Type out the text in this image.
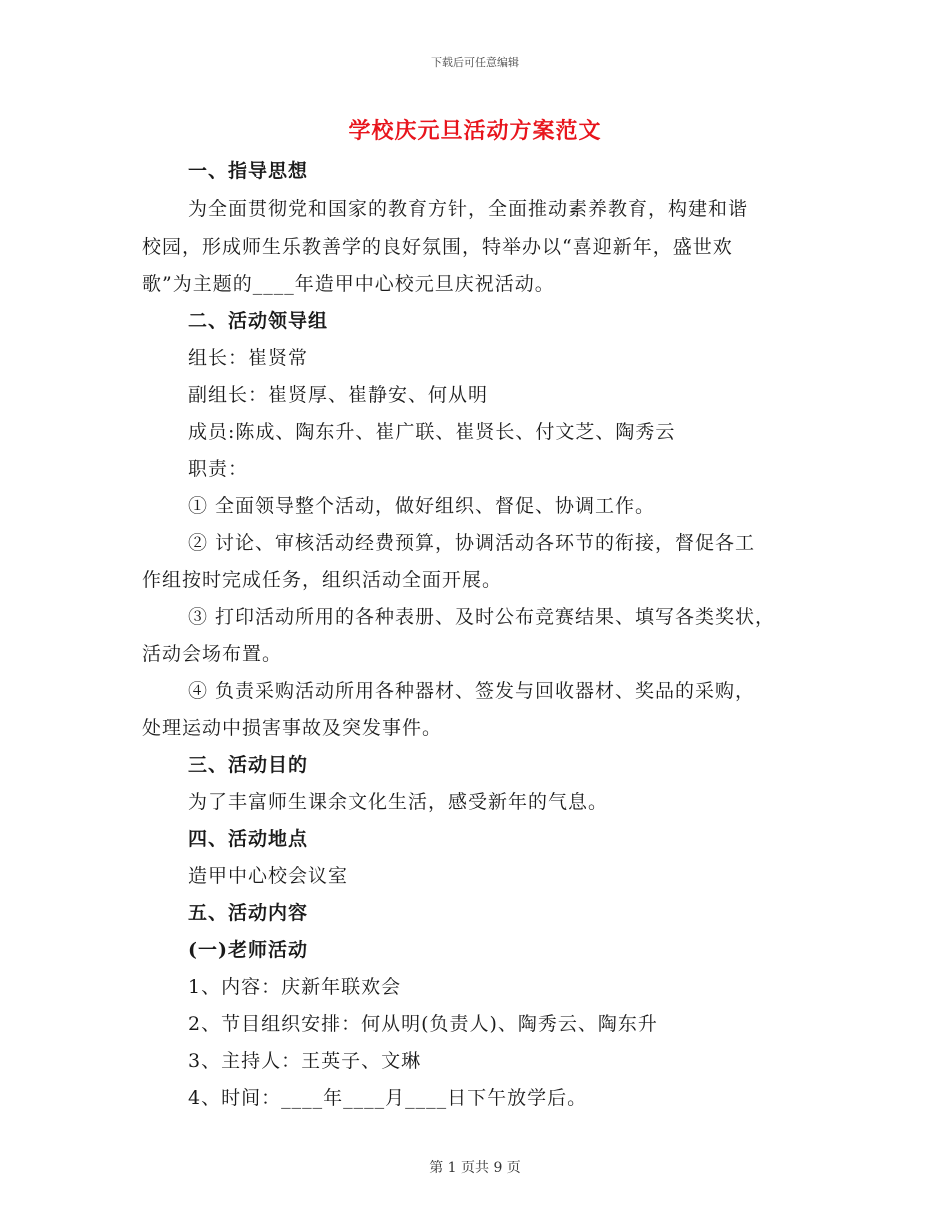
下载后可任意编辑
学校庆元旦活动方案范文
一、指导思想
为全面贯彻党和国家的教育方针，全面推动素养教育，构建和谐
校园，形成师生乐教善学的良好氛围，特举办以“喜迎新年，盛世欢
歌”为主题的____年造甲中心校元旦庆祝活动。
二、活动领导组
组长：崔贤常
副组长：崔贤厚、崔静安、何从明
成员:陈成、陶东升、崔广联、崔贤长、付文芝、陶秀云
职责：
① 全面领导整个活动，做好组织、督促、协调工作。
② 讨论、审核活动经费预算，协调活动各环节的衔接，督促各工
作组按时完成任务，组织活动全面开展。
③ 打印活动所用的各种表册、及时公布竞赛结果、填写各类奖状，
活动会场布置。
④ 负责采购活动所用各种器材、签发与回收器材、奖品的采购，
处理运动中损害事故及突发事件。
三、活动目的
为了丰富师生课余文化生活，感受新年的气息。
四、活动地点
造甲中心校会议室
五、活动内容
(一)老师活动
1、内容：庆新年联欢会
2、节目组织安排：何从明(负责人)、陶秀云、陶东升
3、主持人：王英子、文琳
4、时间：____年____月____日下午放学后。
第 1 页共 9 页
